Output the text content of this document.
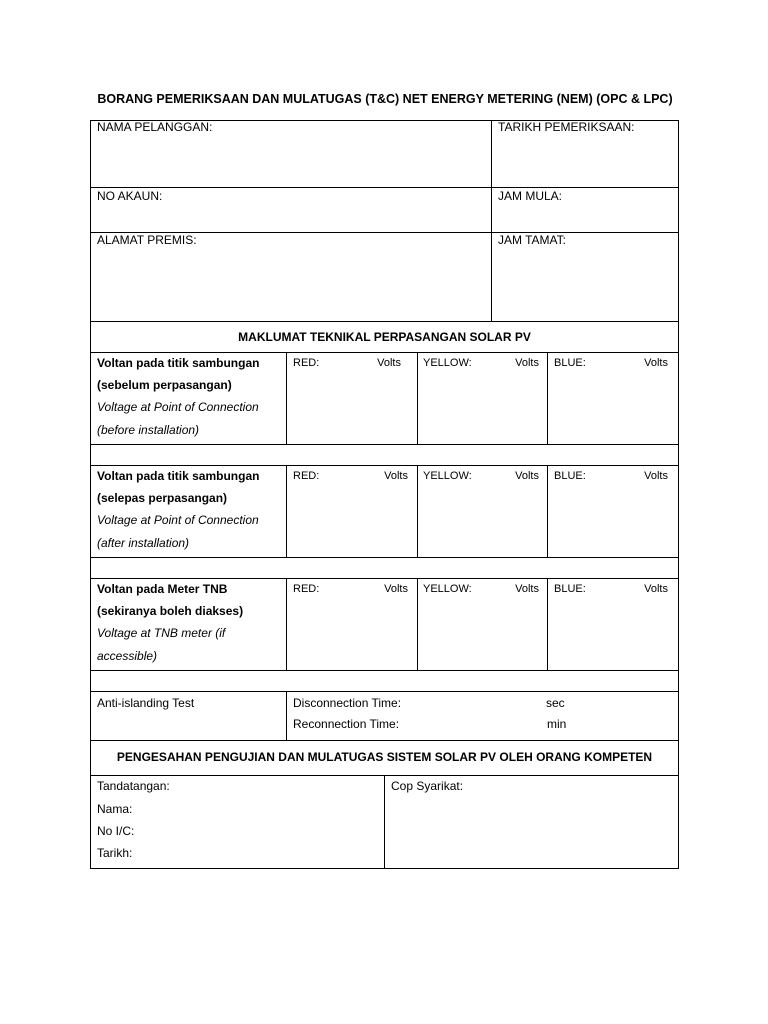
BORANG PEMERIKSAAN DAN MULATUGAS (T&C) NET ENERGY METERING (NEM) (OPC & LPC)
NAMA PELANGGAN:	TARIKH PEMERIKSAAN:
NO AKAUN:	JAM MULA:
ALAMAT PREMIS:	JAM TAMAT:
MAKLUMAT TEKNIKAL PERPASANGAN SOLAR PV
Voltan pada titik sambungan
(sebelum perpasangan)
Voltage at Point of Connection
(before installation)
RED:	Volts YELLOW:	Volts BLUE:	Volts
Voltan pada titik sambungan
(selepas perpasangan)
Voltage at Point of Connection
(after installation)
RED:	Volts YELLOW:	Volts BLUE:	Volts
Voltan pada Meter TNB
(sekiranya boleh diakses)
Voltage at TNB meter (if
accessible)
RED:	Volts YELLOW:	Volts BLUE:	Volts
Anti-islanding Test	Disconnection Time:	sec
Reconnection Time:	min
PENGESAHAN PENGUJIAN DAN MULATUGAS SISTEM SOLAR PV OLEH ORANG KOMPETEN
Tandatangan:
Nama:
No I/C:
Tarikh:
Cop Syarikat:
